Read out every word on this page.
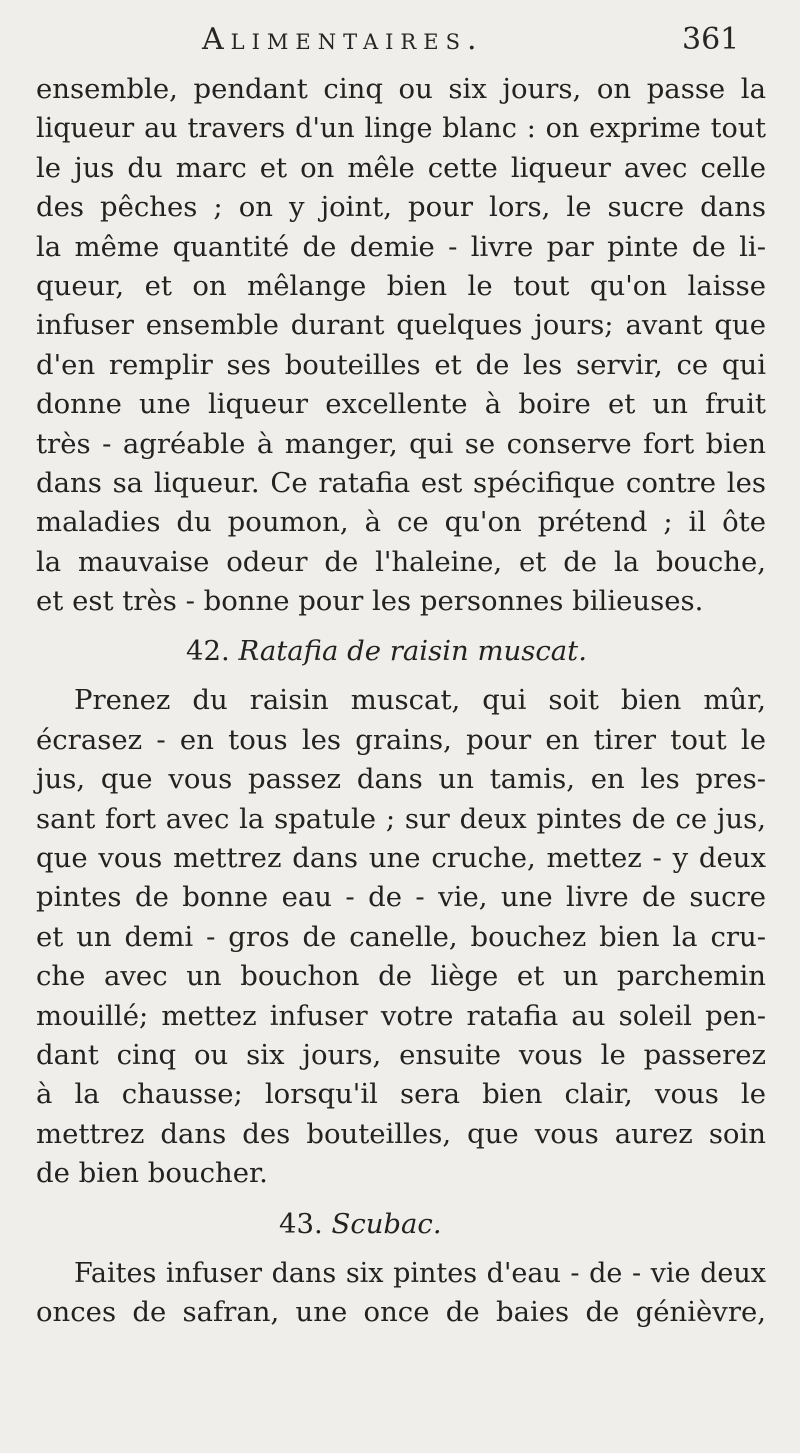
Alimentaires.	361
ensemble, pendant cinq ou six jours, on passe la
liqueur au travers d'un linge blanc : on exprime tout
le jus du marc et on mêle cette liqueur avec celle
des pêches ; on y joint, pour lors, le sucre dans
la même quantité de demie - livre par pinte de li-
queur, et on mêlange bien le tout qu'on laisse
infuser ensemble durant quelques jours; avant que
d'en remplir ses bouteilles et de les servir, ce qui
donne une liqueur excellente à boire et un fruit
très - agréable à manger, qui se conserve fort bien
dans sa liqueur. Ce ratafia est spécifique contre les
maladies du poumon, à ce qu'on prétend ; il ôte
la mauvaise odeur de l'haleine, et de la bouche,
et est très - bonne pour les personnes bilieuses.
42. Ratafia de raisin muscat.
Prenez du raisin muscat, qui soit bien mûr,
écrasez - en tous les grains, pour en tirer tout le
jus, que vous passez dans un tamis, en les pres-
sant fort avec la spatule ; sur deux pintes de ce jus,
que vous mettrez dans une cruche, mettez - y deux
pintes de bonne eau - de - vie, une livre de sucre
et un demi - gros de canelle, bouchez bien la cru-
che avec un bouchon de liège et un parchemin
mouillé; mettez infuser votre ratafia au soleil pen-
dant cinq ou six jours, ensuite vous le passerez
à la chausse; lorsqu'il sera bien clair, vous le
mettrez dans des bouteilles, que vous aurez soin
de bien boucher.
43. Scubac.
Faites infuser dans six pintes d'eau - de - vie deux
onces de safran, une once de baies de génièvre,
